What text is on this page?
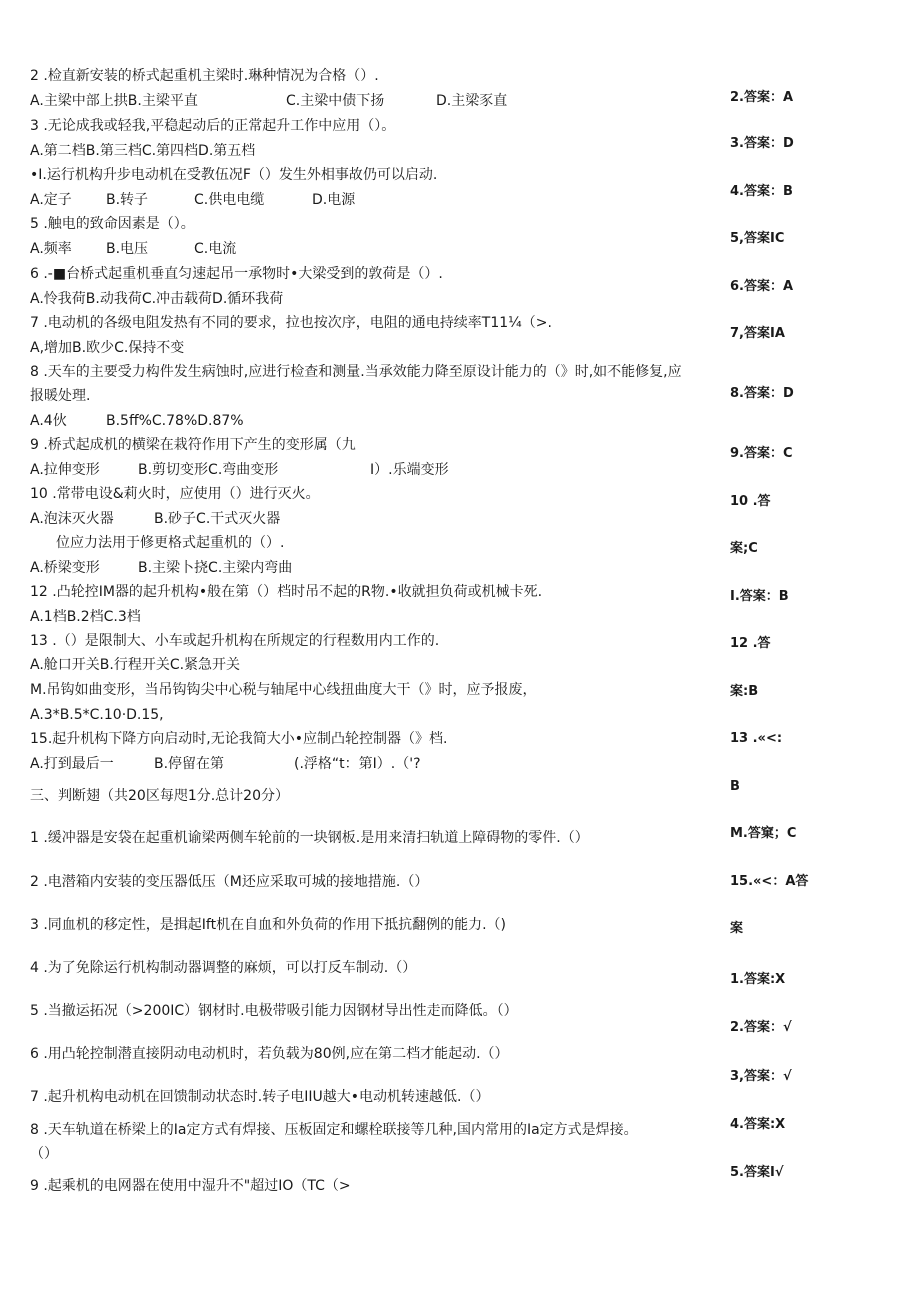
2 .检直新安装的桥式起重机主梁时.琳种情况为合格（）.
A.主梁中部上拱B.主梁平直	C.主梁中债下扬	D.主梁豕直
3 .无论成我或轻我,平稳起动后的正常起升工作中应用（）。
A.第二档B.第三档C.第四档D.第五档
•I.运行机构升步电动机在受教伍况F（）发生外相事故仍可以启动.
A.定子 B.转子	C.供电电缆	D.电源
5 .触电的致命因素是（）。
A.频率 B.电压	C.电流
6 .-■台桥式起重机垂直匀速起吊一承物时•大梁受到的敦荷是（）.
A.怜我荷B.动我荷C.冲击载荷D.循环我荷
7 .电动机的各级电阻发热有不同的要求，拉也按次序，电阻的通电持续率T11¼（>.
A,增加B.欧少C.保持不变
8 .天车的主要受力构件发生病蚀时,应进行检查和测量.当承效能力降至原设计能力的（》时,如不能修复,应
报暖处理.
A.4伙	B.5ff%C.78%D.87%
9 .桥式起成机的横梁在栽符作用下产生的变形属（九
A.拉伸变形	B.剪切变形C.弯曲变形	I）.乐端变形
10 .常带电设&莉火时，应使用（）进行灭火。
A.泡沫灭火器	B.砂子C.干式灭火器
位应力法用于修更格式起重机的（）.
A.桥梁变形	B.主梁卜挠C.主梁内弯曲
12 .凸轮控IM器的起升机构•般在第（）档时吊不起的R物.•收就担负荷或机械卡死.
A.1档B.2档C.3档
13 .（）是限制大、小车或起升机构在所规定的行程数用内工作的.
A.舱口开关B.行程开关C.紧急开关
M.吊钩如曲变形，当吊钩钩尖中心税与轴尾中心线扭曲度大干（》时，应予报废，
A.3*B.5*C.10·D.15,
15.起升机构下降方向启动时,无论我简大小•应制凸轮控制器（》档.
A.打到最后一	B.停留在第	(.浮格“t：第I）.（'?
三、判断翅（共20区每咫1分.总计20分）
1 .缓冲器是安袋在起重机谕梁两侧车轮前的一块钢板.是用来清扫轨道上障碍物的零件.（）
2 .电潜箱内安装的变压器低压（M还应采取可城的接地措施.（）
3 .同血机的移定性，是揖起Ift机在自血和外负荷的作用下抵抗翻例的能力.（)
4 .为了免除运行机构制动器调整的麻烦，可以打反车制动.（）
5 .当撤运拓况（>200IC）钢材时.电极带吸引能力因钢材导出性走而降低。（）
6 .用凸轮控制潜直接阴动电动机时，若负载为80例,应在第二档才能起动.（）
7 .起升机构电动机在回馈制动状态时.转子电IIU越大•电动机转速越低.（）
8 .天车轨道在桥梁上的Ia定方式有焊接、压板固定和螺栓联接等几种,国内常用的Ia定方式是焊接。
（）
9 .起乘机的电网器在使用中湿升不"超过IO（TC（>
2.答案：A
3.答案：D
4.答案：B
5,答案IC
6.答案：A
7,答案IA
8.答案：D
9.答案：C
10 .答
案;C
I.答案：B
12 .答
案:B
13 .«<:
B
M.答窠；C
15.«<：A答
案
1.答案:X
2.答案：√
3,答案：√
4.答案:X
5.答案I√
